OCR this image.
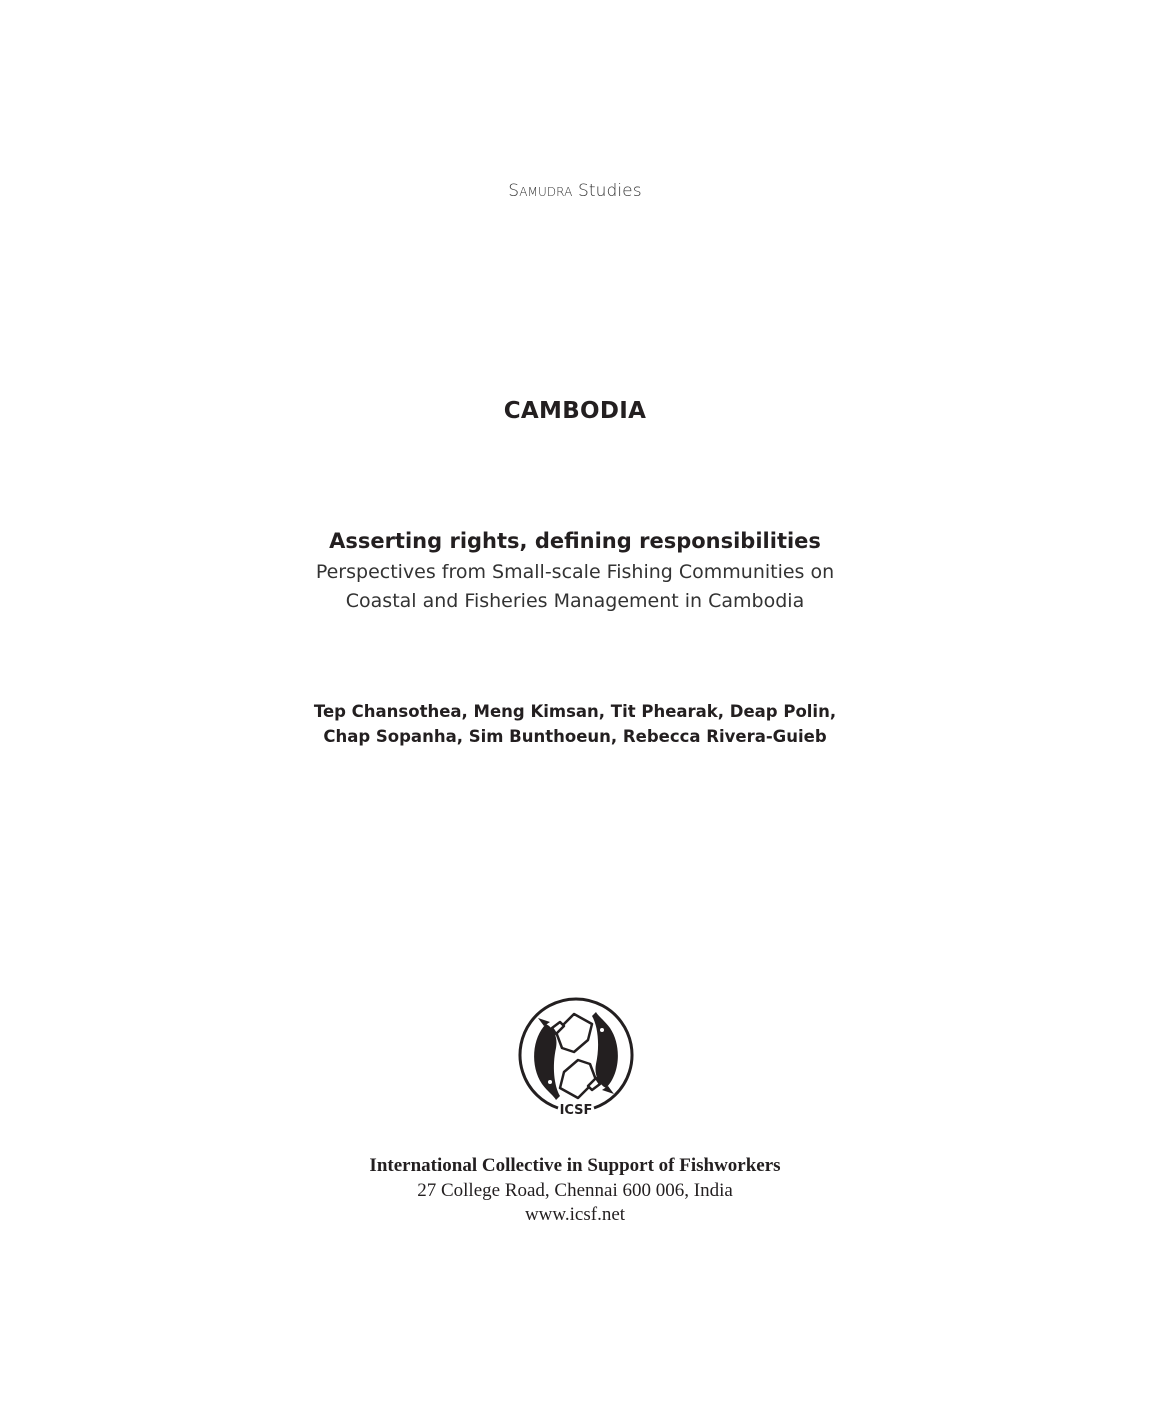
Samudra Studies
CAMBODIA
Asserting rights, defining responsibilities
Perspectives from Small-scale Fishing Communities on
Coastal and Fisheries Management in Cambodia
Tep Chansothea, Meng Kimsan, Tit Phearak, Deap Polin,
Chap Sopanha, Sim Bunthoeun, Rebecca Rivera-Guieb
ICSF
International Collective in Support of Fishworkers
27 College Road, Chennai 600 006, India
www.icsf.net
